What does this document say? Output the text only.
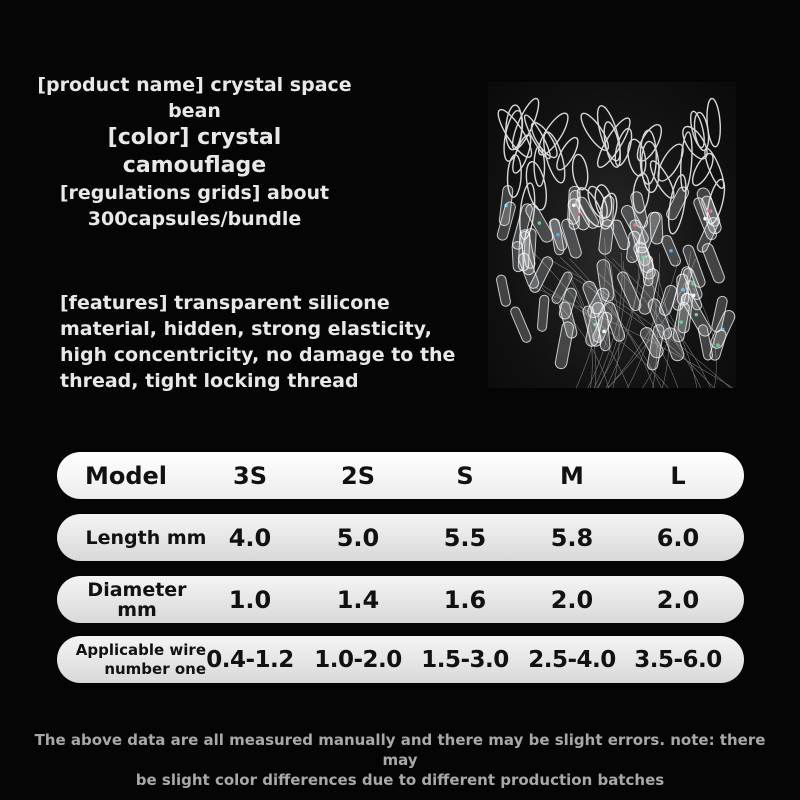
[product name] crystal space
bean
[color] crystal
camouflage
[regulations grids] about
300capsules/bundle
[features] transparent silicone
material, hidden, strong elasticity,
high concentricity, no damage to the
thread, tight locking thread
Model	3S	2S	S	M	L
Length mm 4.0	5.0	5.5	5.8	6.0
Diameter
mm	1.0	1.4	1.6	2.0	2.0
Applicable wire
number one 0.4-1.2 1.0-2.0 1.5-3.0 2.5-4.0 3.5-6.0
The above data are all measured manually and there may be slight errors. note: there may
be slight color differences due to different production batches
